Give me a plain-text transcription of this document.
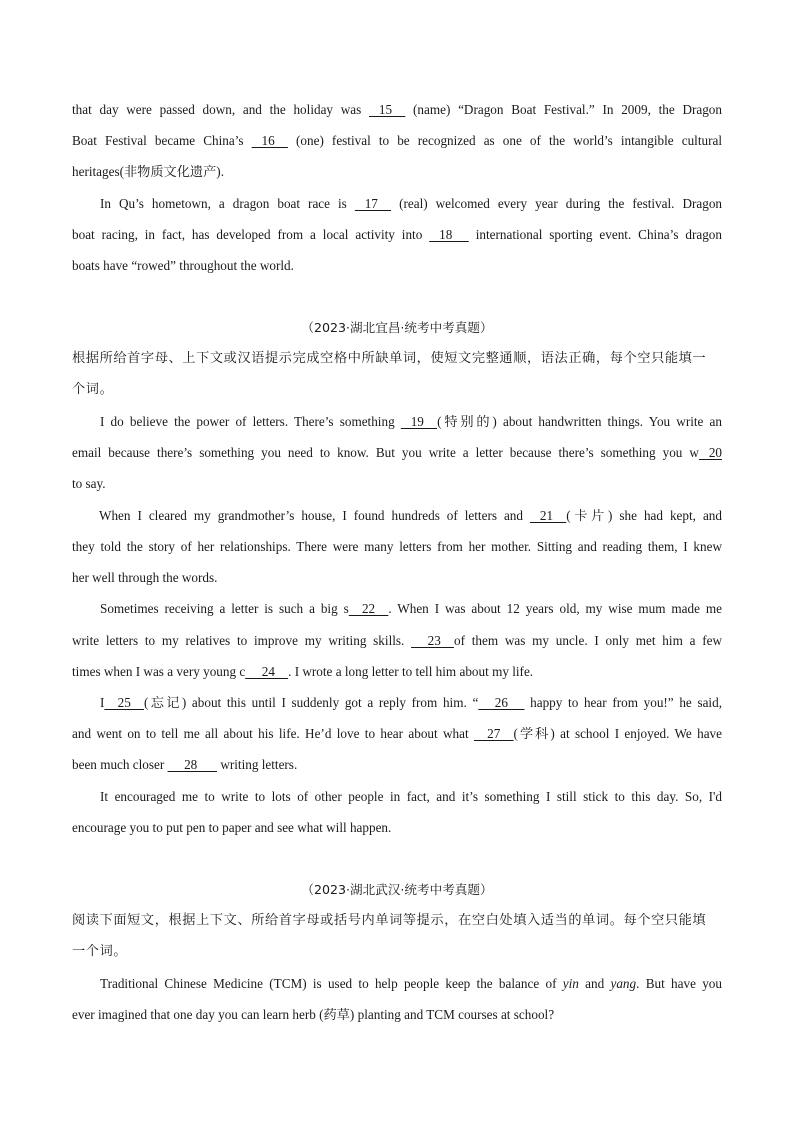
that day were passed down, and the holiday was    15     (name) “Dragon Boat Festival.” In 2009, the Dragon
Boat Festival became China’s    16     (one) festival to be recognized as one of the world’s intangible cultural
heritages(非物质文化遗产).
In Qu’s hometown, a dragon boat race is    17     (real) welcomed every year during the festival. Dragon
boat racing, in fact, has developed from a local activity into    18      international sporting event. China’s dragon
boats have “rowed” throughout the world.
（2023·湖北宜昌·统考中考真题）
根据所给首字母、上下文或汉语提示完成空格中所缺单词，使短文完整通顺，语法正确，每个空只能填一
个词。
I do believe the power of letters. There’s something    19    (特别的) about handwritten things. You write an
email because there’s something you need to know. But you write a letter because there’s something you w   20
to say.
When I cleared my grandmother’s house, I found hundreds of letters and    21    (卡片) she had kept, and
they told the story of her relationships. There were many letters from her mother. Sitting and reading them, I knew
her well through the words.
Sometimes receiving a letter is such a big s    22    . When I was about 12 years old, my wise mum made me
write letters to my relatives to improve my writing skills.      23    of them was my uncle. I only met him a few
times when I was a very young c     24    . I wrote a long letter to tell him about my life.
I    25    (忘记) about this until I suddenly got a reply from him. “     26      happy to hear from you!” he said,
and went on to tell me all about his life. He’d love to hear about what     27    (学科) at school I enjoyed. We have
been much closer      28       writing letters.
It encouraged me to write to lots of other people in fact, and it’s something I still stick to this day. So, I'd
encourage you to put pen to paper and see what will happen.
（2023·湖北武汉·统考中考真题）
阅读下面短文，根据上下文、所给首字母或括号内单词等提示，在空白处填入适当的单词。每个空只能填
一个词。
Traditional Chinese Medicine (TCM) is used to help people keep the balance of yin and yang. But have you
ever imagined that one day you can learn herb (药草) planting and TCM courses at school?
